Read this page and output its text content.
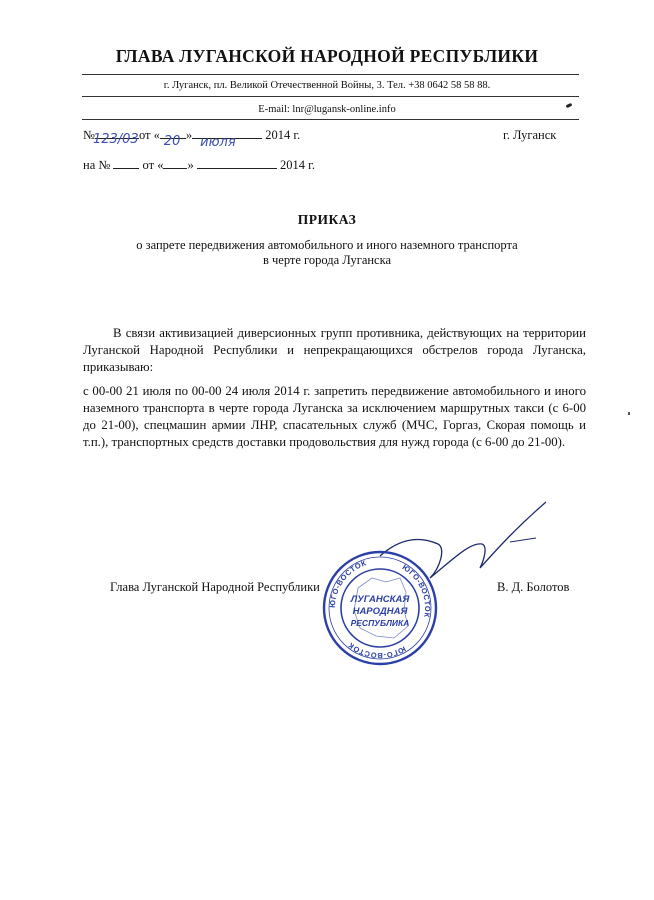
ГЛАВА ЛУГАНСКОЙ НАРОДНОЙ РЕСПУБЛИКИ
г. Луганск, пл. Великой Отечественной Войны, 3. Тел. +38 0642 58 58 88.
E-mail: lnr@lugansk-online.info
№
123/03 от « 20 » июля 2014 г.	г. Луганск
на №	от « »	2014 г.
ПРИКАЗ
о запрете передвижения автомобильного и иного наземного транспорта
в черте города Луганска
В связи активизацией диверсионных групп противника, действующих на территории Луганской Народной Республики и непрекращающихся обстрелов города Луганска, приказываю:
с 00-00 21 июля по 00-00 24 июля 2014 г. запретить передвижение автомобильного и иного наземного транспорта в черте города Луганска за исключением маршрутных такси (с 6-00 до 21-00), спецмашин армии ЛНР, спасательных служб (МЧС, Горгаз, Скорая помощь и т.п.), транспортных средств доставки продовольствия для нужд города (с 6-00 до 21-00).
Глава Луганской Народной Республики	В. Д. Болотов
ЮГО-ВОСТОК	ЮГО-ВОСТОК
ЮГО-ВОСТОК
ЛУГАНСКАЯ
НАРОДНАЯ
РЕСПУБЛИКА
